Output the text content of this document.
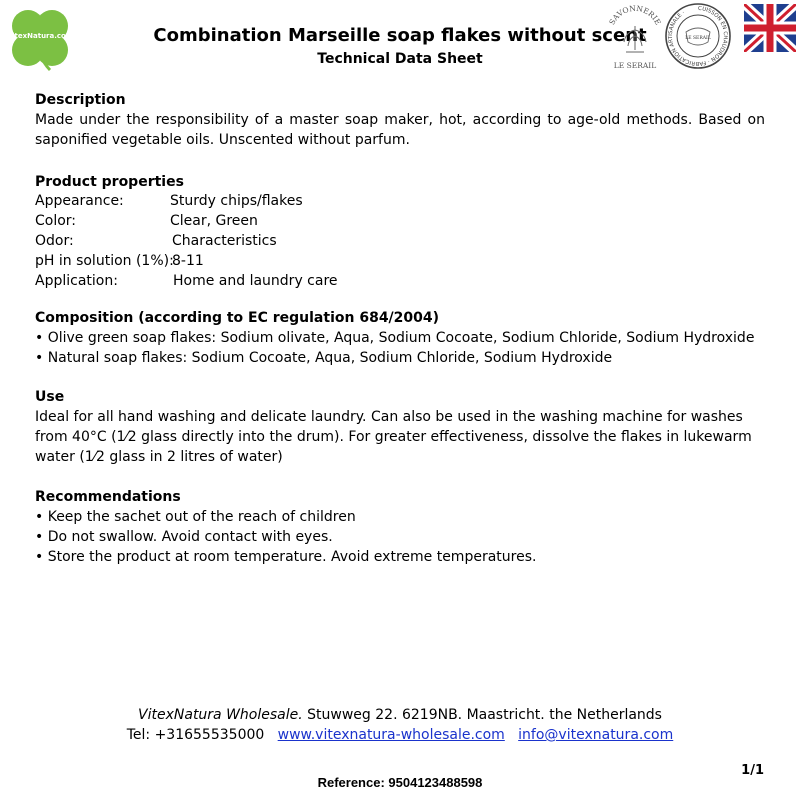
VitexNatura.com	Combination Marseille soap flakes without scent
Technical Data Sheet
SAVONNERIE
LE SERAIL
CUISSON EN CHAUDRON · FABRICATION ARTISANALE ·
LE SERAIL
Description
Made under the responsibility of a master soap maker, hot, according to age-old methods. Based on saponified vegetable oils. Unscented without parfum.
Product properties
Appearance:	Sturdy chips/flakes
Color:	Clear, Green
Odor:	Characteristics
pH in solution (1%):
8-11
Application:	Home and laundry care
Composition (according to EC regulation 684/2004)
• Olive green soap flakes: Sodium olivate, Aqua, Sodium Cocoate, Sodium Chloride, Sodium Hydroxide
• Natural soap flakes: Sodium Cocoate, Aqua, Sodium Chloride, Sodium Hydroxide
Use
Ideal for all hand washing and delicate laundry. Can also be used in the washing machine for washes from 40°C (1⁄2 glass directly into the drum). For greater effectiveness, dissolve the flakes in lukewarm water (1⁄2 glass in 2 litres of water)
Recommendations
• Keep the sachet out of the reach of children
• Do not swallow. Avoid contact with eyes.
• Store the product at room temperature. Avoid extreme temperatures.
VitexNatura Wholesale. Stuwweg 22. 6219NB. Maastricht. the Netherlands
Tel: +31655535000 www.vitexnatura-wholesale.com info@vitexnatura.com
1/1
Reference: 9504123488598
